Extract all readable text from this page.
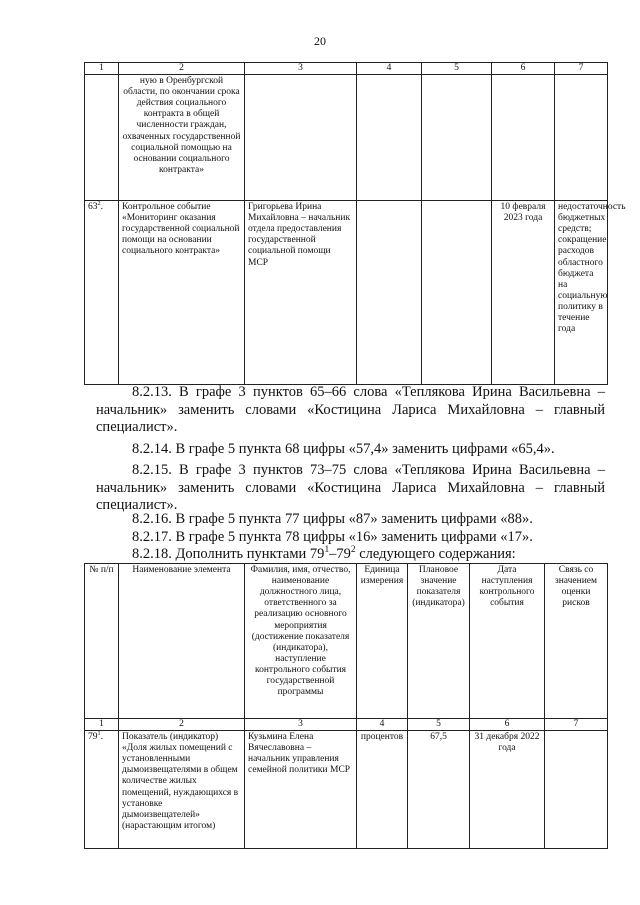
20
1	2	3	4	5	6	7
	ную в Оренбургской области, по окончании срока действия социального контракта в общей численности граждан, охваченных государственной социальной помощью на основании социального контракта»					
$63^2$.	Контрольное событие «Мониторинг оказания государственной социальной помощи на основании социального контракта»	Григорьева Ирина Михайловна – начальник отдела предоставления государственной социальной помощи МСР			10 февраля 2023 года	недостаточность бюджетных средств; сокращение расходов областного бюджета на социальную политику в течение года
8.2.13. В графе 3 пунктов 65–66 слова «Теплякова Ирина Васильевна – начальник» заменить словами «Костицина Лариса Михайловна – главный специалист».
8.2.14. В графе 5 пункта 68 цифры «57,4» заменить цифрами «65,4».
8.2.15. В графе 3 пунктов 73–75 слова «Теплякова Ирина Васильевна – начальник» заменить словами «Костицина Лариса Михайловна – главный специалист».
8.2.16. В графе 5 пункта 77 цифры «87» заменить цифрами «88».
8.2.17. В графе 5 пункта 78 цифры «16» заменить цифрами «17».
8.2.18. Дополнить пунктами $79^1-79^2$ следующего содержания:
№ п/п	Наименование элемента	Фамилия, имя, отчество, наименование должностного лица, ответственного за реализацию основного мероприятия (достижение показателя (индикатора), наступление контрольного события государственной программы	Единица измерения	Плановое значение показателя (индикатора)	Дата наступления контрольного события	Связь со значением оценки рисков
1	2	3	4	5	6	7
$79^1$.	Показатель (индикатор) «Доля жилых помещений с установленными дымоизвещателями в общем количестве жилых помещений, нуждающихся в установке дымоизвещателей» (нарастающим итогом)	Кузьмина Елена Вячеславовна – начальник управления семейной политики МСР	процентов	67,5	31 декабря 2022 года	
